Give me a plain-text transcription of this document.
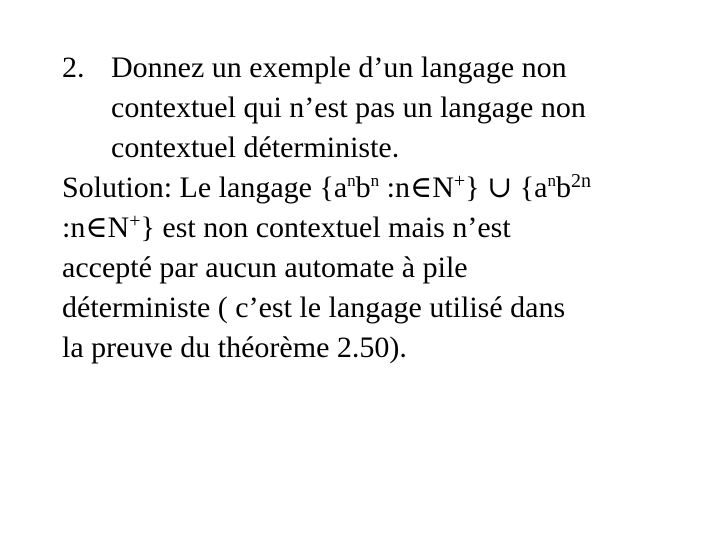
2. Donnez un exemple d’un langage non
contextuel qui n’est pas un langage non
contextuel déterministe.
Solution: Le langage {$a^nb^n$ :n∈N+} ∪ {$a^nb^{2n}$
:n∈N+} est non contextuel mais n’est
accepté par aucun automate à pile
déterministe ( c’est le langage utilisé dans
la preuve du théorème 2.50).
